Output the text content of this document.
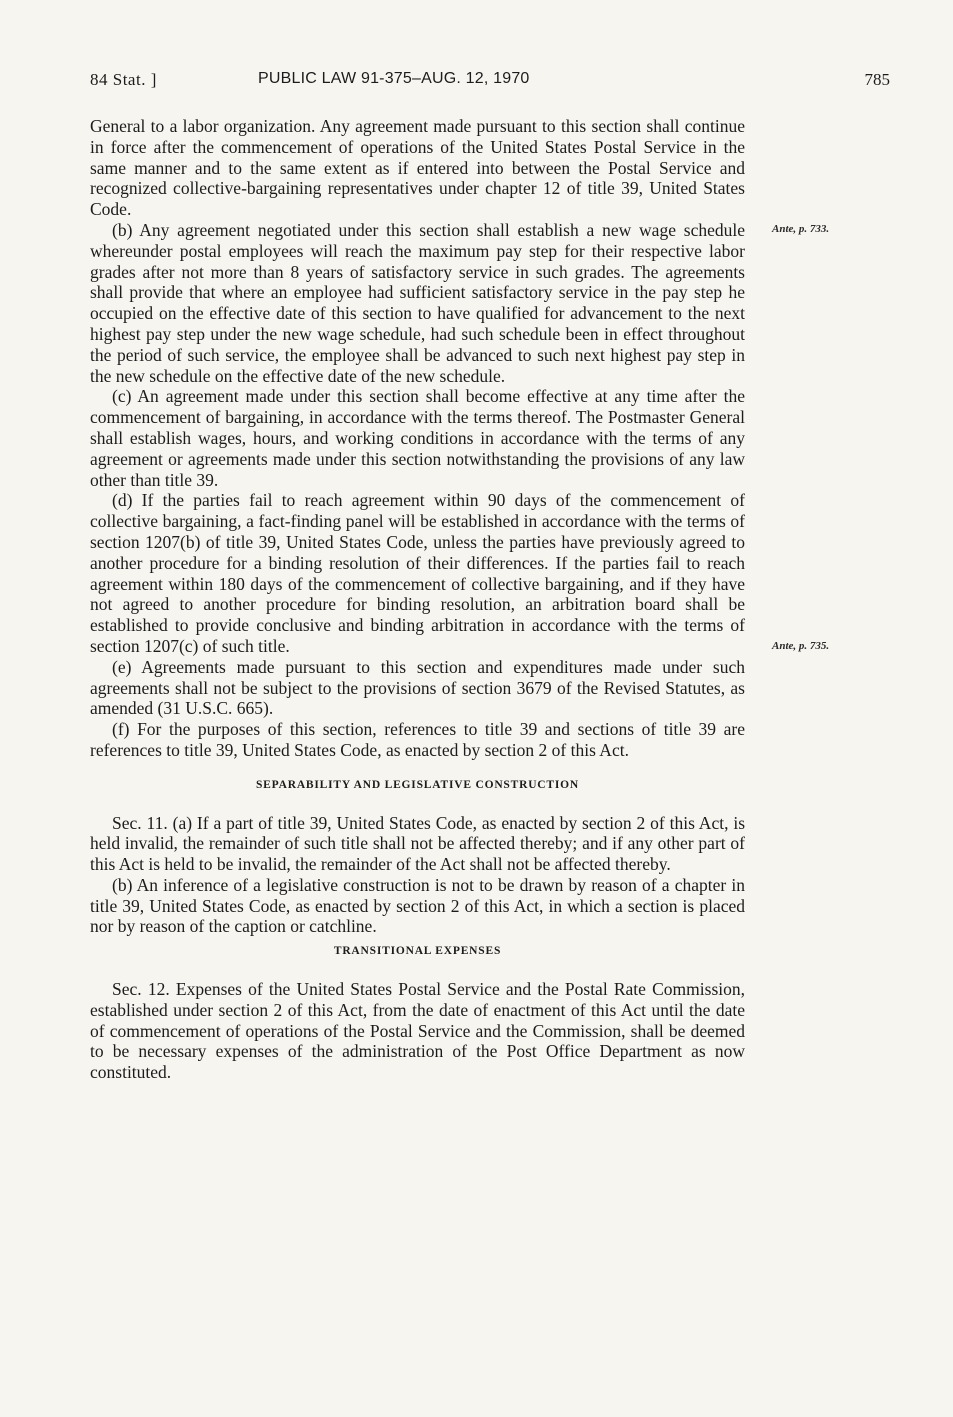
84 Stat. ]	PUBLIC LAW 91-375–AUG. 12, 1970	785
Ante, p. 733.
Ante, p. 735.

General to a labor organization. Any agreement made pursuant to this section shall continue in force after the commencement of operations of the United States Postal Service in the same manner and to the same extent as if entered into between the Postal Service and recognized collective-bargaining representatives under chapter 12 of title 39, United States Code.

(b) Any agreement negotiated under this section shall establish a new wage schedule whereunder postal employees will reach the maximum pay step for their respective labor grades after not more than 8 years of satisfactory service in such grades. The agreements shall provide that where an employee had sufficient satisfactory service in the pay step he occupied on the effective date of this section to have qualified for advancement to the next highest pay step under the new wage schedule, had such schedule been in effect throughout the period of such service, the employee shall be advanced to such next highest pay step in the new schedule on the effective date of the new schedule.

(c) An agreement made under this section shall become effective at any time after the commencement of bargaining, in accordance with the terms thereof. The Postmaster General shall establish wages, hours, and working conditions in accordance with the terms of any agreement or agreements made under this section notwithstanding the provisions of any law other than title 39.

(d) If the parties fail to reach agreement within 90 days of the commencement of collective bargaining, a fact-finding panel will be established in accordance with the terms of section 1207(b) of title 39, United States Code, unless the parties have previously agreed to another procedure for a binding resolution of their differences. If the parties fail to reach agreement within 180 days of the commencement of collective bargaining, and if they have not agreed to another procedure for binding resolution, an arbitration board shall be established to provide conclusive and binding arbitration in accordance with the terms of section 1207(c) of such title.

(e) Agreements made pursuant to this section and expenditures made under such agreements shall not be subject to the provisions of section 3679 of the Revised Statutes, as amended (31 U.S.C. 665).

(f) For the purposes of this section, references to title 39 and sections of title 39 are references to title 39, United States Code, as enacted by section 2 of this Act.

SEPARABILITY AND LEGISLATIVE CONSTRUCTION

Sec. 11. (a) If a part of title 39, United States Code, as enacted by section 2 of this Act, is held invalid, the remainder of such title shall not be affected thereby; and if any other part of this Act is held to be invalid, the remainder of the Act shall not be affected thereby.

(b) An inference of a legislative construction is not to be drawn by reason of a chapter in title 39, United States Code, as enacted by section 2 of this Act, in which a section is placed nor by reason of the caption or catchline.

TRANSITIONAL EXPENSES

Sec. 12. Expenses of the United States Postal Service and the Postal Rate Commission, established under section 2 of this Act, from the date of enactment of this Act until the date of commencement of operations of the Postal Service and the Commission, shall be deemed to be necessary expenses of the administration of the Post Office Department as now constituted.
